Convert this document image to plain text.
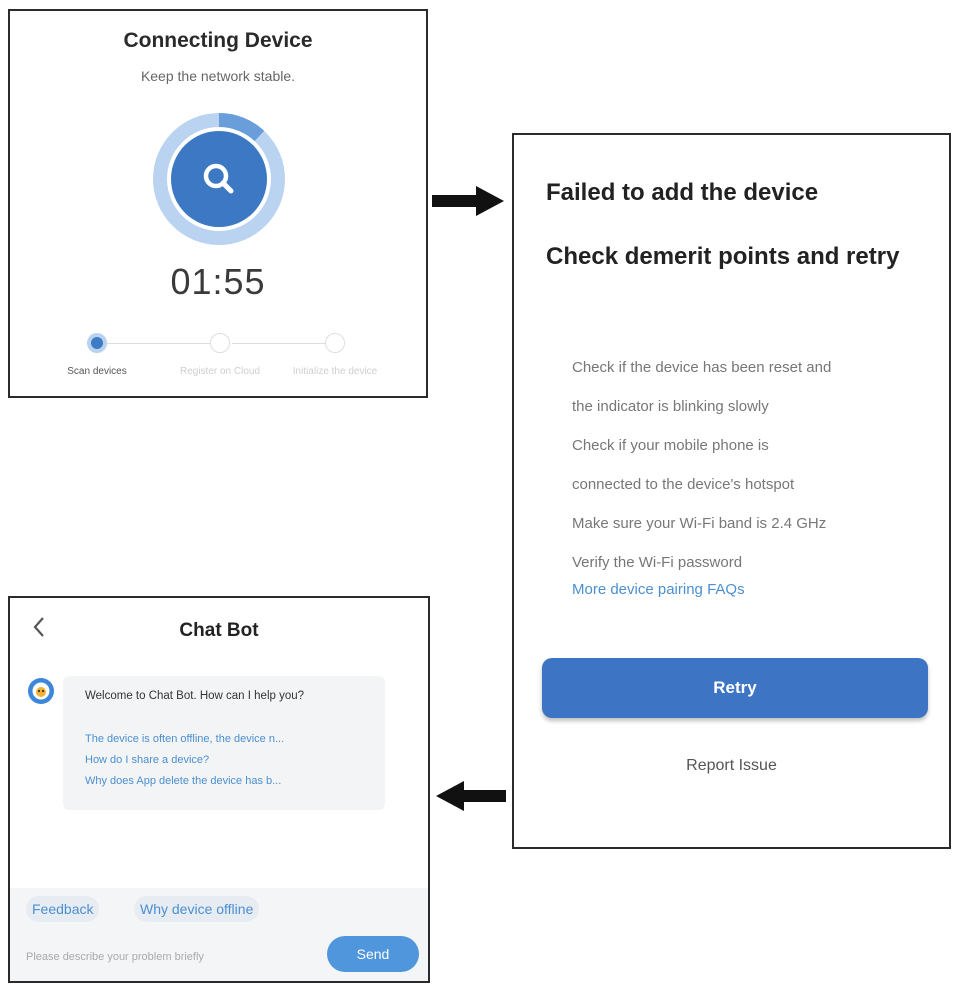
Connecting Device
Keep the network stable.
01:55
Scan devices	Register on Cloud	Initialize the device
Failed to add the device
Check demerit points and retry
Check if the device has been reset and
the indicator is blinking slowly
Check if your mobile phone is
connected to the device's hotspot
Make sure your Wi-Fi band is 2.4 GHz
Verify the Wi-Fi password
More device pairing FAQs
Retry
Report Issue
Chat Bot
Welcome to Chat Bot. How can I help you?
The device is often offline, the device n...
How do I share a device?
Why does App delete the device has b...
Feedback	Why device offline
Please describe your problem briefly
Send
